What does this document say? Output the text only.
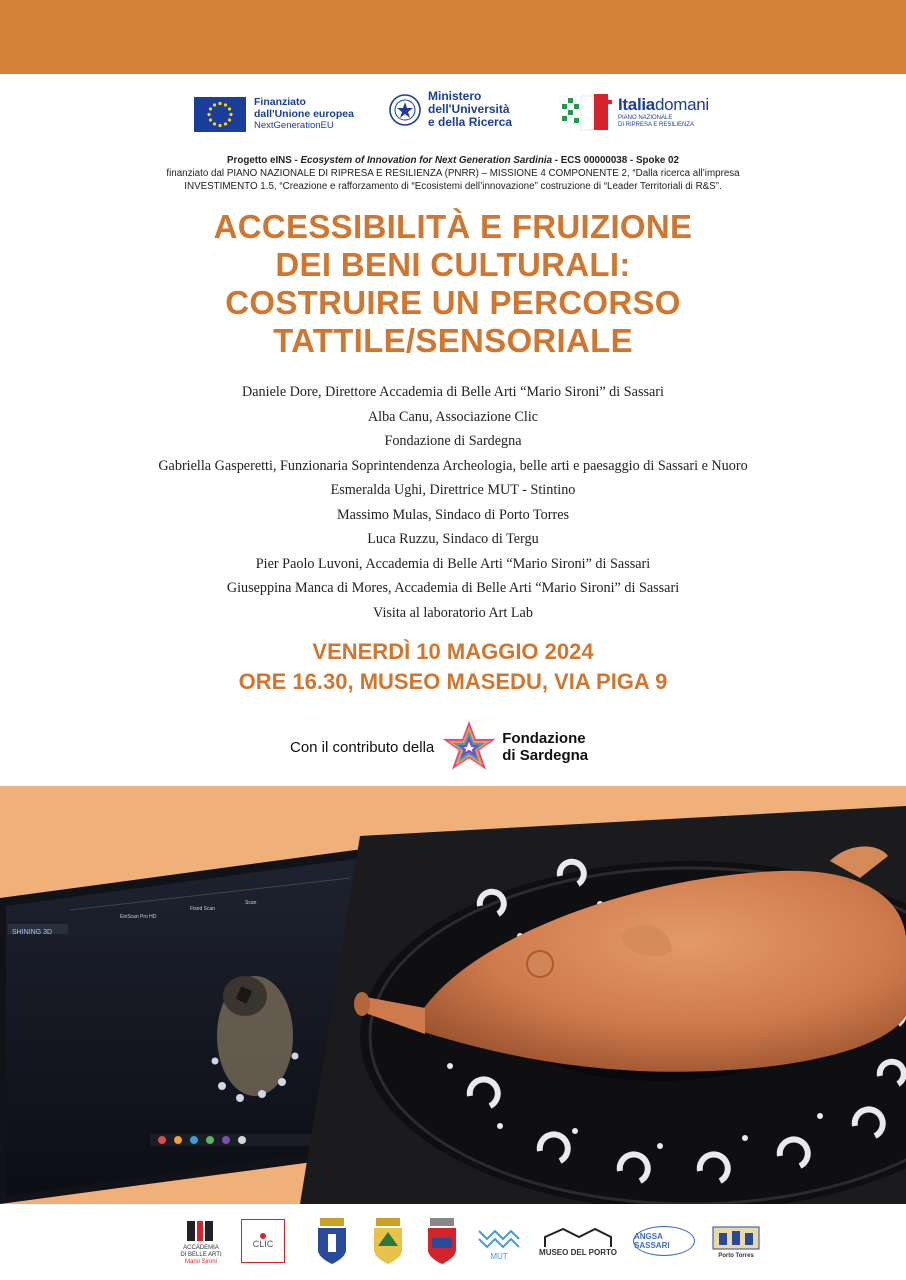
Finanziato
dall'Unione europea
NextGenerationEU
Ministero
dell'Università
e della Ricerca
Italiadomani
PIANO NAZIONALE
DI RIPRESA E RESILIENZA
Progetto eINS - Ecosystem of Innovation for Next Generation Sardinia - ECS 00000038 - Spoke 02
finanziato dal PIANO NAZIONALE DI RIPRESA E RESILIENZA (PNRR) – MISSIONE 4 COMPONENTE 2, “Dalla ricerca all’impresa
INVESTIMENTO 1.5, “Creazione e rafforzamento di “Ecosistemi dell’innovazione” costruzione di “Leader Territoriali di R&S”.
ACCESSIBILITÀ E FRUIZIONE
DEI BENI CULTURALI:
COSTRUIRE UN PERCORSO
TATTILE/SENSORIALE
Daniele Dore, Direttore Accademia di Belle Arti “Mario Sironi” di Sassari
Alba Canu, Associazione Clic
Fondazione di Sardegna
Gabriella Gasperetti, Funzionaria Soprintendenza Archeologia, belle arti e paesaggio di Sassari e Nuoro
Esmeralda Ughi, Direttrice MUT - Stintino
Massimo Mulas, Sindaco di Porto Torres
Luca Ruzzu, Sindaco di Tergu
Pier Paolo Luvoni, Accademia di Belle Arti “Mario Sironi” di Sassari
Giuseppina Manca di Mores, Accademia di Belle Arti “Mario Sironi” di Sassari
Visita al laboratorio Art Lab
VENERDÌ 10 MAGGIO 2024
ORE 16.30, MUSEO MASEDU, VIA PIGA 9
Con il contributo della	Fondazione
di Sardegna
SHINING 3D
EinScan Pro HD
Fixed Scan
Scan
ACCADEMIA
DI BELLE ARTI
Mario Sironi
CLIC
MUT	MUSEO DEL PORTO
ANGSA SASSARI
Porto Torres
